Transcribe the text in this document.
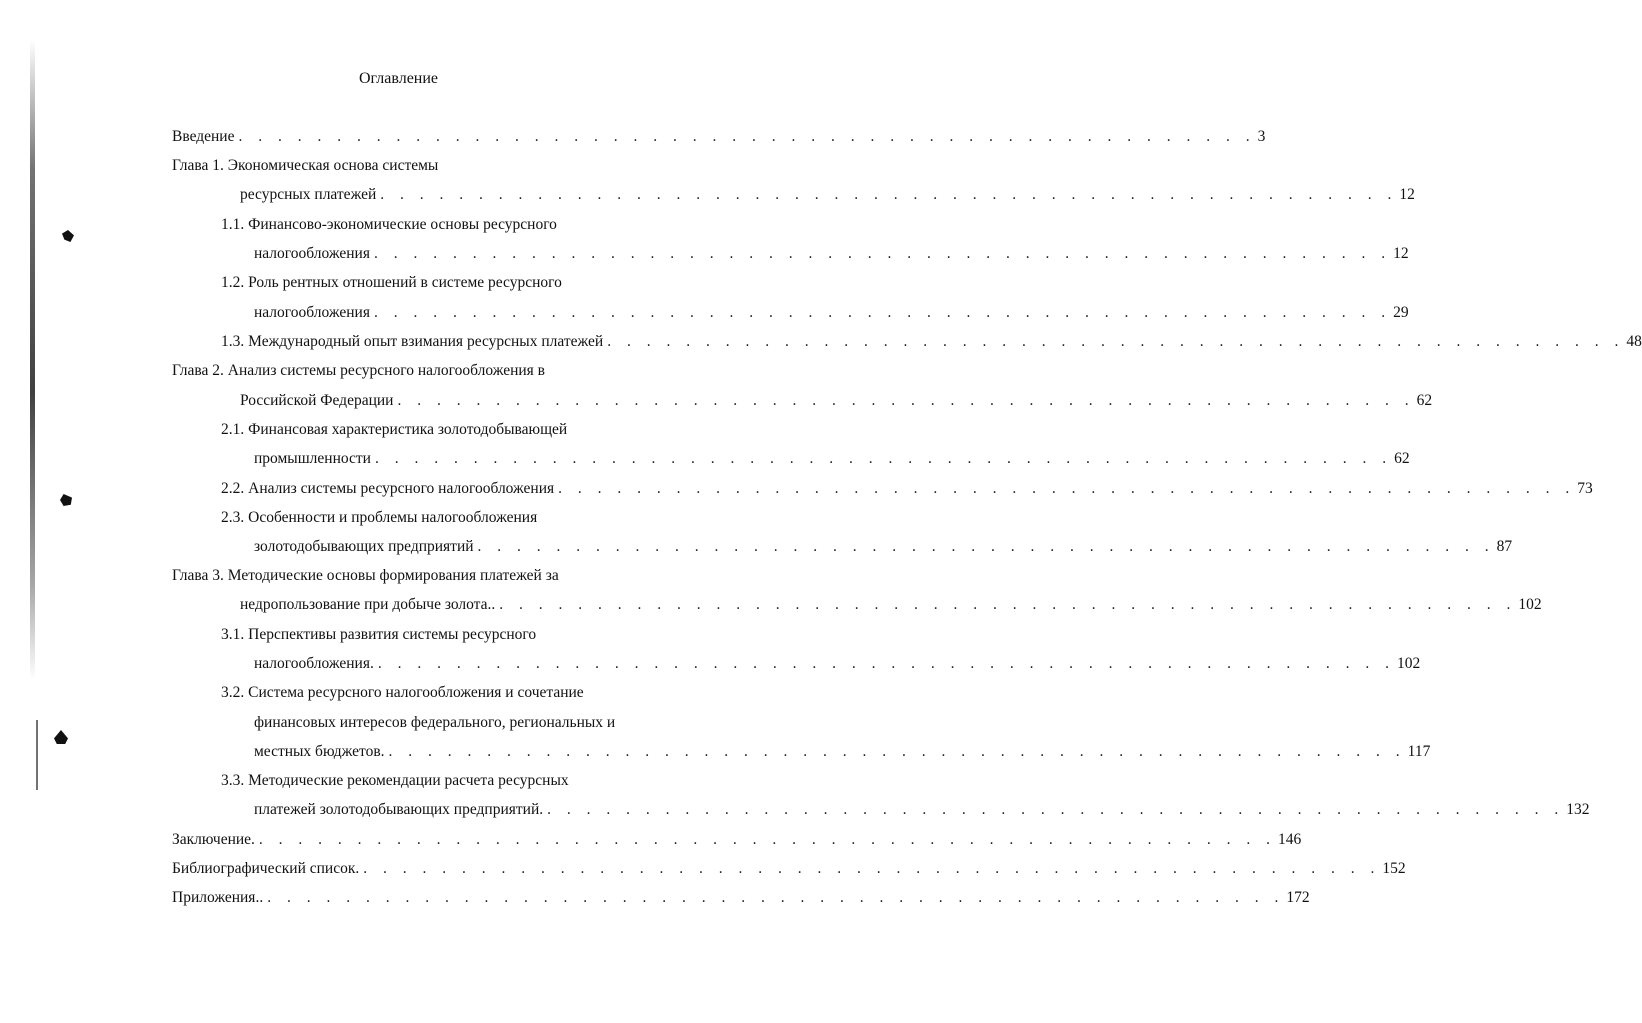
Оглавление
Введение . . . . . . . . . . . . . . . . . . . . . . . . . . . . . . . . . . . . . . . . . . . . . . . . . . . . 3
Глава 1. Экономическая основа системы
ресурсных платежей . . . . . . . . . . . . . . . . . . . . . . . . . . . . . . . . . . . . . . . . . . . . . . . . . . . . 12
1.1. Финансово-экономические основы ресурсного
налогообложения . . . . . . . . . . . . . . . . . . . . . . . . . . . . . . . . . . . . . . . . . . . . . . . . . . . . 12
1.2. Роль рентных отношений в системе ресурсного
налогообложения . . . . . . . . . . . . . . . . . . . . . . . . . . . . . . . . . . . . . . . . . . . . . . . . . . . . 29
1.3. Международный опыт взимания ресурсных платежей . . . . . . . . . . . . . . . . . . . . . . . . . . . . . . . . . . . . . . . . . . . . . . . . . . . . 48
Глава 2. Анализ системы ресурсного налогообложения в
Российской Федерации . . . . . . . . . . . . . . . . . . . . . . . . . . . . . . . . . . . . . . . . . . . . . . . . . . . . 62
2.1. Финансовая характеристика золотодобывающей
промышленности . . . . . . . . . . . . . . . . . . . . . . . . . . . . . . . . . . . . . . . . . . . . . . . . . . . . 62
2.2. Анализ системы ресурсного налогообложения . . . . . . . . . . . . . . . . . . . . . . . . . . . . . . . . . . . . . . . . . . . . . . . . . . . . 73
2.3. Особенности и проблемы налогообложения
золотодобывающих предприятий . . . . . . . . . . . . . . . . . . . . . . . . . . . . . . . . . . . . . . . . . . . . . . . . . . . . 87
Глава 3. Методические основы формирования платежей за
недропользование при добыче золота.. . . . . . . . . . . . . . . . . . . . . . . . . . . . . . . . . . . . . . . . . . . . . . . . . . . . . 102
3.1. Перспективы развития системы ресурсного
налогообложения. . . . . . . . . . . . . . . . . . . . . . . . . . . . . . . . . . . . . . . . . . . . . . . . . . . . . 102
3.2. Система ресурсного налогообложения и сочетание
финансовых интересов федерального, региональных и
местных бюджетов. . . . . . . . . . . . . . . . . . . . . . . . . . . . . . . . . . . . . . . . . . . . . . . . . . . . . 117
3.3. Методические рекомендации расчета ресурсных
платежей золотодобывающих предприятий. . . . . . . . . . . . . . . . . . . . . . . . . . . . . . . . . . . . . . . . . . . . . . . . . . . . . 132
Заключение. . . . . . . . . . . . . . . . . . . . . . . . . . . . . . . . . . . . . . . . . . . . . . . . . . . . . 146
Библиографический список. . . . . . . . . . . . . . . . . . . . . . . . . . . . . . . . . . . . . . . . . . . . . . . . . . . . . 152
Приложения.. . . . . . . . . . . . . . . . . . . . . . . . . . . . . . . . . . . . . . . . . . . . . . . . . . . . . 172
